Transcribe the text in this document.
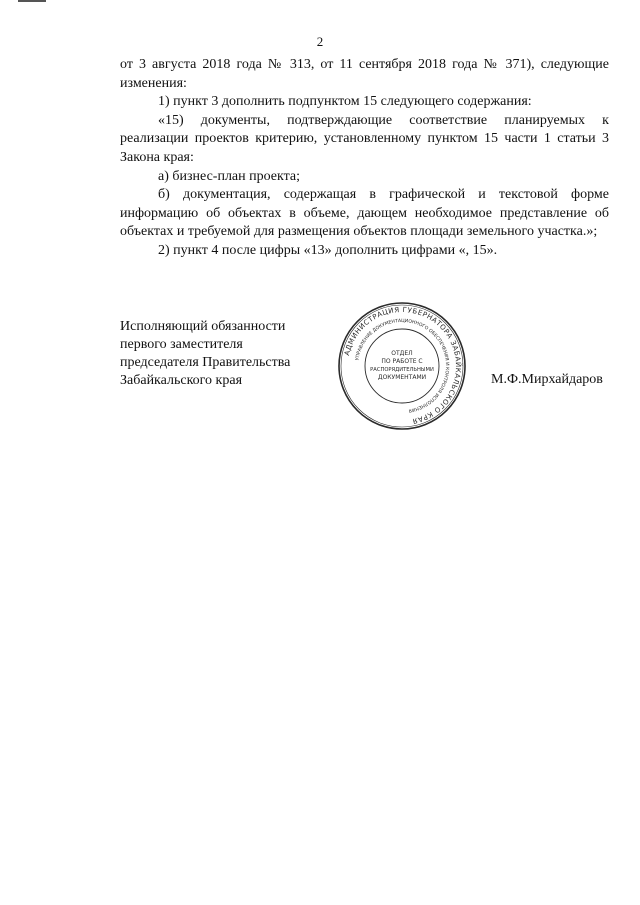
2

от 3 августа 2018 года № 313, от 11 сентября 2018 года № 371), следующие изменения:

1) пункт 3 дополнить подпунктом 15 следующего содержания:

«15) документы, подтверждающие соответствие планируемых к реализации проектов критерию, установленному пунктом 15 части 1 статьи 3 Закона края:

а) бизнес-план проекта;

б) документация, содержащая в графической и текстовой форме информацию об объектах в объеме, дающем необходимое представление об объектах и требуемой для размещения объектов площади земельного участка.»;

2) пункт 4 после цифры «13» дополнить цифрами «, 15».

Исполняющий обязанности
первого заместителя
председателя Правительства
Забайкальского края	М.Ф.Мирхайдаров
АДМИНИСТРАЦИЯ ГУБЕРНАТОРА ЗАБАЙКАЛЬСКОГО КРАЯ
УПРАВЛЕНИЕ ДОКУМЕНТАЦИОННОГО ОБЕСПЕЧЕНИЯ И КОНТРОЛЯ ИСПОЛНЕНИЯ
ОТДЕЛ
ПО РАБОТЕ С
РАСПОРЯДИТЕЛЬНЫМИ
ДОКУМЕНТАМИ
